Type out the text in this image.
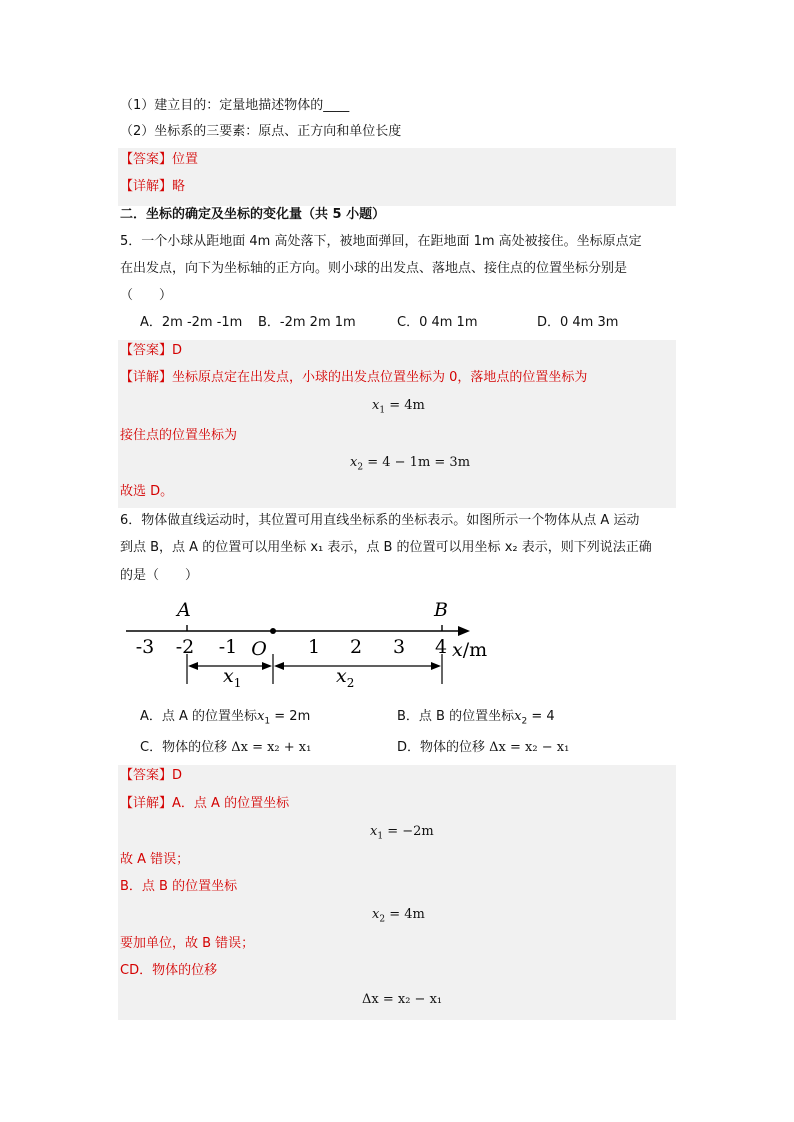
（1）建立目的：定量地描述物体的____
（2）坐标系的三要素：原点、正方向和单位长度
【答案】位置
【详解】略
二．坐标的确定及坐标的变化量（共 5 小题）
5．一个小球从距地面 4m 高处落下，被地面弹回，在距地面 1m 高处被接住。坐标原点定
在出发点，向下为坐标轴的正方向。则小球的出发点、落地点、接住点的位置坐标分别是
（　　）
A．2m -2m -1m B．-2m 2m 1m	C．0 4m 1m	D．0 4m 3m
【答案】D
【详解】坐标原点定在出发点，小球的出发点位置坐标为 0，落地点的位置坐标为
$x_1 = 4m$
接住点的位置坐标为
$x_2 = 4 - 1m = 3m$
故选 D。
6．物体做直线运动时，其位置可用直线坐标系的坐标表示。如图所示一个物体从点 A 运动
到点 B，点 A 的位置可以用坐标 x₁ 表示，点 B 的位置可以用坐标 x₂ 表示，则下列说法正确
的是（　　）
A	B
-3 -2 -1 O 1 2 3 4 x/m
$x_1$	$x_2$
A．点 A 的位置坐标$x_1 = 2m$	B．点 B 的位置坐标$x_2 = 4$
C．物体的位移 Δx = x₂ + x₁	D．物体的位移 Δx = x₂ − x₁
【答案】D
【详解】A．点 A 的位置坐标
$x_1 = -2m$
故 A 错误；
B．点 B 的位置坐标
$x_2 = 4m$
要加单位，故 B 错误；
CD．物体的位移
Δx = x₂ − x₁
